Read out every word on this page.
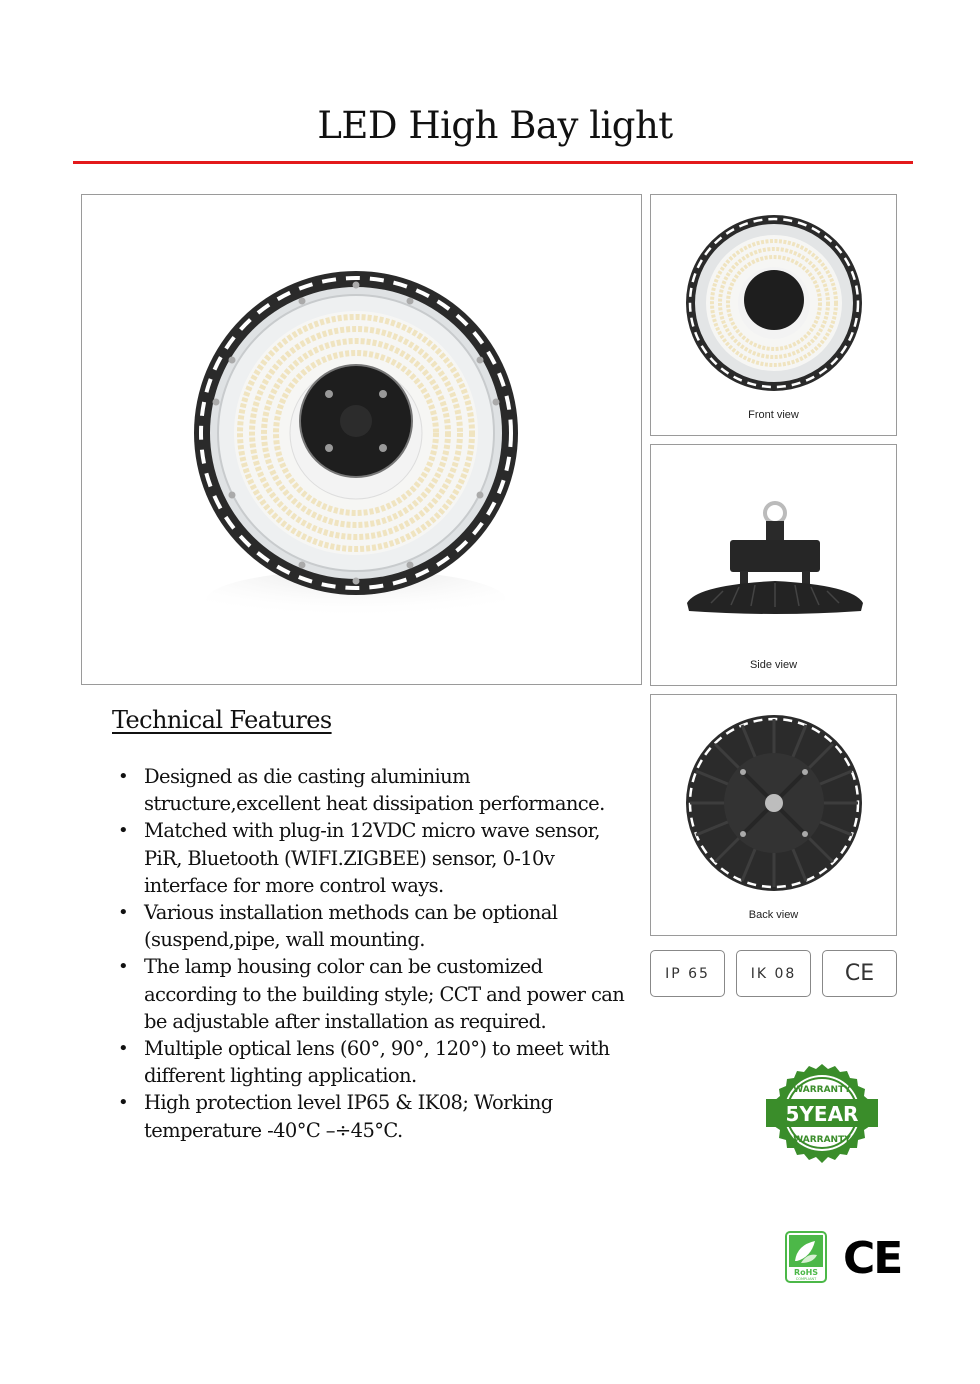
LED High Bay light
Front view
Side view
Back view
Technical Features
• Designed as die casting aluminium structure,excellent heat dissipation performance.
• Matched with plug-in 12VDC micro wave sensor, PiR, Bluetooth (WIFI.ZIGBEE) sensor, 0-10v interface for more control ways.
• Various installation methods can be optional (suspend,pipe, wall mounting.
• The lamp housing color can be customized according to the building style; CCT and power can be adjustable after installation as required.
• Multiple optical lens (60°, 90°, 120°) to meet with different lighting application.
• High protection level IP65 & IK08; Working temperature -40°C –÷45°C.
IP 65	IK 08	CE
5YEAR
WARRANTY
WARRANTY
RoHS
COMPLIANT CE
